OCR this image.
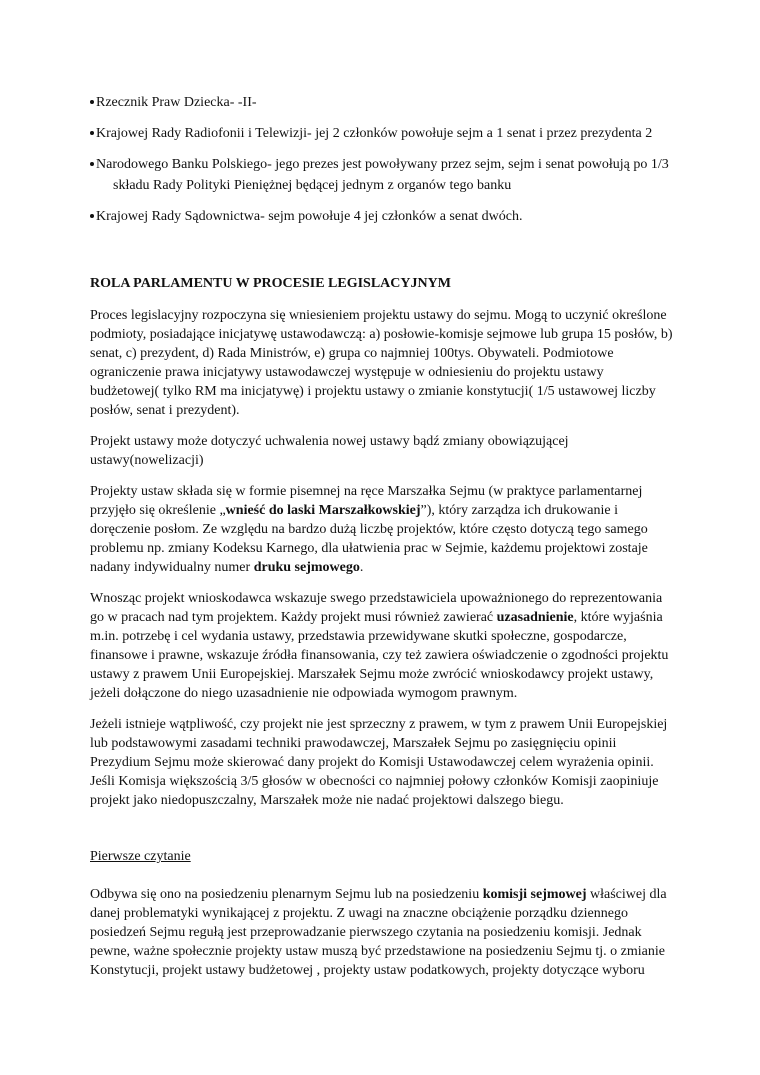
Rzecznik Praw Dziecka- -II-
Krajowej Rady Radiofonii i Telewizji- jej 2 członków powołuje sejm a 1 senat i przez prezydenta 2
Narodowego Banku Polskiego- jego prezes jest powoływany przez sejm, sejm i senat powołują po 1/3 składu Rady Polityki Pieniężnej będącej jednym z organów tego banku
Krajowej Rady Sądownictwa- sejm powołuje 4 jej członków a senat dwóch.
ROLA PARLAMENTU W PROCESIE LEGISLACYJNYM

Proces legislacyjny rozpoczyna się wniesieniem projektu ustawy do sejmu. Mogą to uczynić określone podmioty, posiadające inicjatywę ustawodawczą: a) posłowie-komisje sejmowe lub grupa 15 posłów, b) senat, c) prezydent, d) Rada Ministrów, e) grupa co najmniej 100tys. Obywateli. Podmiotowe ograniczenie prawa inicjatywy ustawodawczej występuje w odniesieniu do projektu ustawy budżetowej( tylko RM ma inicjatywę) i projektu ustawy o zmianie konstytucji( 1/5 ustawowej liczby posłów, senat i prezydent).

Projekt ustawy może dotyczyć uchwalenia nowej ustawy bądź zmiany obowiązującej ustawy(nowelizacji)

Projekty ustaw składa się w formie pisemnej na ręce Marszałka Sejmu (w praktyce parlamentarnej przyjęło się określenie „wnieść do laski Marszałkowskiej”), który zarządza ich drukowanie i doręczenie posłom. Ze względu na bardzo dużą liczbę projektów, które często dotyczą tego samego problemu np. zmiany Kodeksu Karnego, dla ułatwienia prac w Sejmie, każdemu projektowi zostaje nadany indywidualny numer druku sejmowego.

Wnosząc projekt wnioskodawca wskazuje swego przedstawiciela upoważnionego do reprezentowania go w pracach nad tym projektem. Każdy projekt musi również zawierać uzasadnienie, które wyjaśnia m.in. potrzebę i cel wydania ustawy, przedstawia przewidywane skutki społeczne, gospodarcze, finansowe i prawne, wskazuje źródła finansowania, czy też zawiera oświadczenie o zgodności projektu ustawy z prawem Unii Europejskiej. Marszałek Sejmu może zwrócić wnioskodawcy projekt ustawy, jeżeli dołączone do niego uzasadnienie nie odpowiada wymogom prawnym.

Jeżeli istnieje wątpliwość, czy projekt nie jest sprzeczny z prawem, w tym z prawem Unii Europejskiej lub podstawowymi zasadami techniki prawodawczej, Marszałek Sejmu po zasięgnięciu opinii Prezydium Sejmu może skierować dany projekt do Komisji Ustawodawczej celem wyrażenia opinii. Jeśli Komisja większością 3/5 głosów w obecności co najmniej połowy członków Komisji zaopiniuje projekt jako niedopuszczalny, Marszałek może nie nadać projektowi dalszego biegu.

Pierwsze czytanie

Odbywa się ono na posiedzeniu plenarnym Sejmu lub na posiedzeniu komisji sejmowej właściwej dla danej problematyki wynikającej z projektu. Z uwagi na znaczne obciążenie porządku dziennego posiedzeń Sejmu regułą jest przeprowadzanie pierwszego czytania na posiedzeniu komisji. Jednak pewne, ważne społecznie projekty ustaw muszą być przedstawione na posiedzeniu Sejmu tj. o zmianie Konstytucji, projekt ustawy budżetowej , projekty ustaw podatkowych, projekty dotyczące wyboru
